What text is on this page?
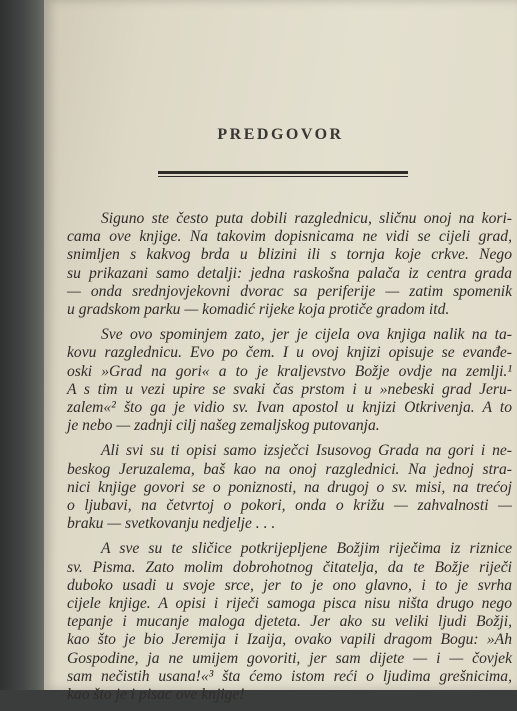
PREDGOVOR
Siguno ste često puta dobili razglednicu, sličnu onoj na kori-
cama ove knjige. Na takovim dopisnicama ne vidi se cijeli grad,
snimljen s kakvog brda u blizini ili s tornja koje crkve. Nego
su prikazani samo detalji: jedna raskošna palača iz centra grada
— onda srednjovjekovni dvorac sa periferije — zatim spomenik
u gradskom parku — komadić rijeke koja protiče gradom itd.
Sve ovo spominjem zato, jer je cijela ova knjiga nalik na ta-
kovu razglednicu. Evo po čem. I u ovoj knjizi opisuje se evanđe-
oski »Grad na gori« a to je kraljevstvo Božje ovdje na zemlji.¹
A s tim u vezi upire se svaki čas prstom i u »nebeski grad Jeru-
zalem«² što ga je vidio sv. Ivan apostol u knjizi Otkrivenja. A to
je nebo — zadnji cilj našeg zemaljskog putovanja.
Ali svi su ti opisi samo izsječci Isusovog Grada na gori i ne-
beskog Jeruzalema, baš kao na onoj razglednici. Na jednoj stra-
nici knjige govori se o poniznosti, na drugoj o sv. misi, na trećoj
o ljubavi, na četvrtoj o pokori, onda o križu — zahvalnosti —
braku — svetkovanju nedjelje . . .
A sve su te sličice potkrijepljene Božjim riječima iz riznice
sv. Pisma. Zato molim dobrohotnog čitatelja, da te Božje riječi
duboko usadi u svoje srce, jer to je ono glavno, i to je svrha
cijele knjige. A opisi i riječi samoga pisca nisu ništa drugo nego
tepanje i mucanje maloga djeteta. Jer ako su veliki ljudi Božji,
kao što je bio Jeremija i Izaija, ovako vapili dragom Bogu: »Ah
Gospodine, ja ne umijem govoriti, jer sam dijete — i — čovjek
sam nečistih usana!«³ šta ćemo istom reći o ljudima grešnicima,
kao što je i pisac ove knjige!
